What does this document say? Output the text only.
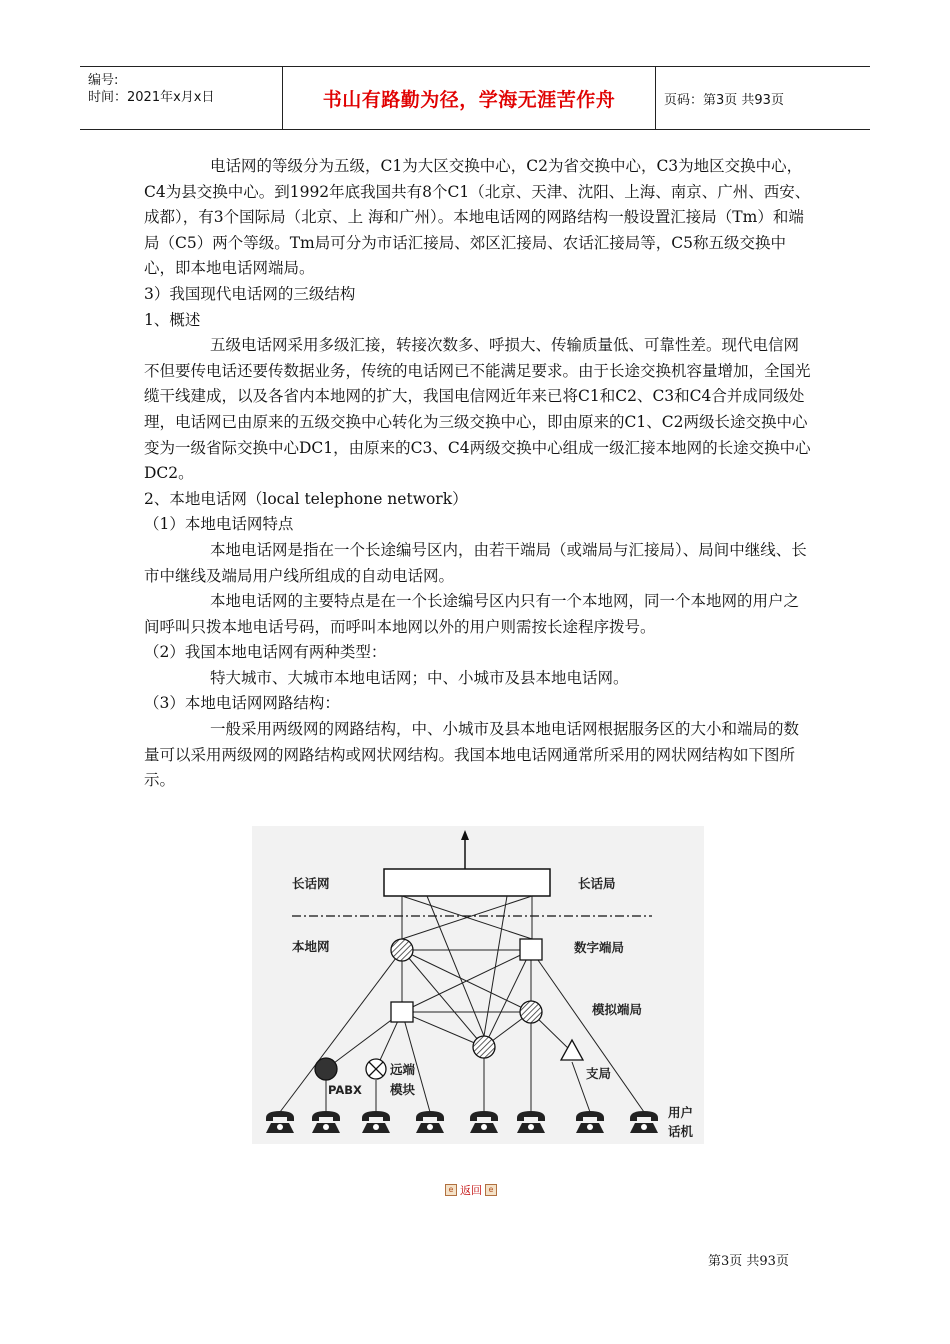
编号:
时间：2021年x月x日	书山有路勤为径，学海无涯苦作舟	页码：第3页 共93页

电话网的等级分为五级，C1为大区交换中心，C2为省交换中心，C3为地区交换中心，C4为县交换中心。到1992年底我国共有8个C1（北京、天津、沈阳、上海、南京、广州、西安、成都），有3个国际局（北京、上 海和广州）。本地电话网的网路结构一般设置汇接局（Tm）和端局（C5）两个等级。Tm局可分为市话汇接局、郊区汇接局、农话汇接局等，C5称五级交换中心，即本地电话网端局。

3）我国现代电话网的三级结构

1、概述

五级电话网采用多级汇接，转接次数多、呼损大、传输质量低、可靠性差。现代电信网不但要传电话还要传数据业务，传统的电话网已不能满足要求。由于长途交换机容量增加，全国光缆干线建成，以及各省内本地网的扩大，我国电信网近年来已将C1和C2、C3和C4合并成同级处理，电话网已由原来的五级交换中心转化为三级交换中心，即由原来的C1、C2两级长途交换中心变为一级省际交换中心DC1，由原来的C3、C4两级交换中心组成一级汇接本地网的长途交换中心DC2。

2、本地电话网（local telephone network）

（1）本地电话网特点

本地电话网是指在一个长途编号区内，由若干端局（或端局与汇接局）、局间中继线、长市中继线及端局用户线所组成的自动电话网。

本地电话网的主要特点是在一个长途编号区内只有一个本地网，同一个本地网的用户之间呼叫只拨本地电话号码，而呼叫本地网以外的用户则需按长途程序拨号。

（2）我国本地电话网有两种类型：

特大城市、大城市本地电话网；中、小城市及县本地电话网。

（3）本地电话网网路结构：

一般采用两级网的网路结构，中、小城市及县本地电话网根据服务区的大小和端局的数量可以采用两级网的网路结构或网状网结构。我国本地电话网通常所采用的网状网结构如下图所示。

长话网	长话局
本地网	数字端局
模拟端局
远端
模块
PABX
支局
用户
话机
e 返回 e
第3页 共93页
